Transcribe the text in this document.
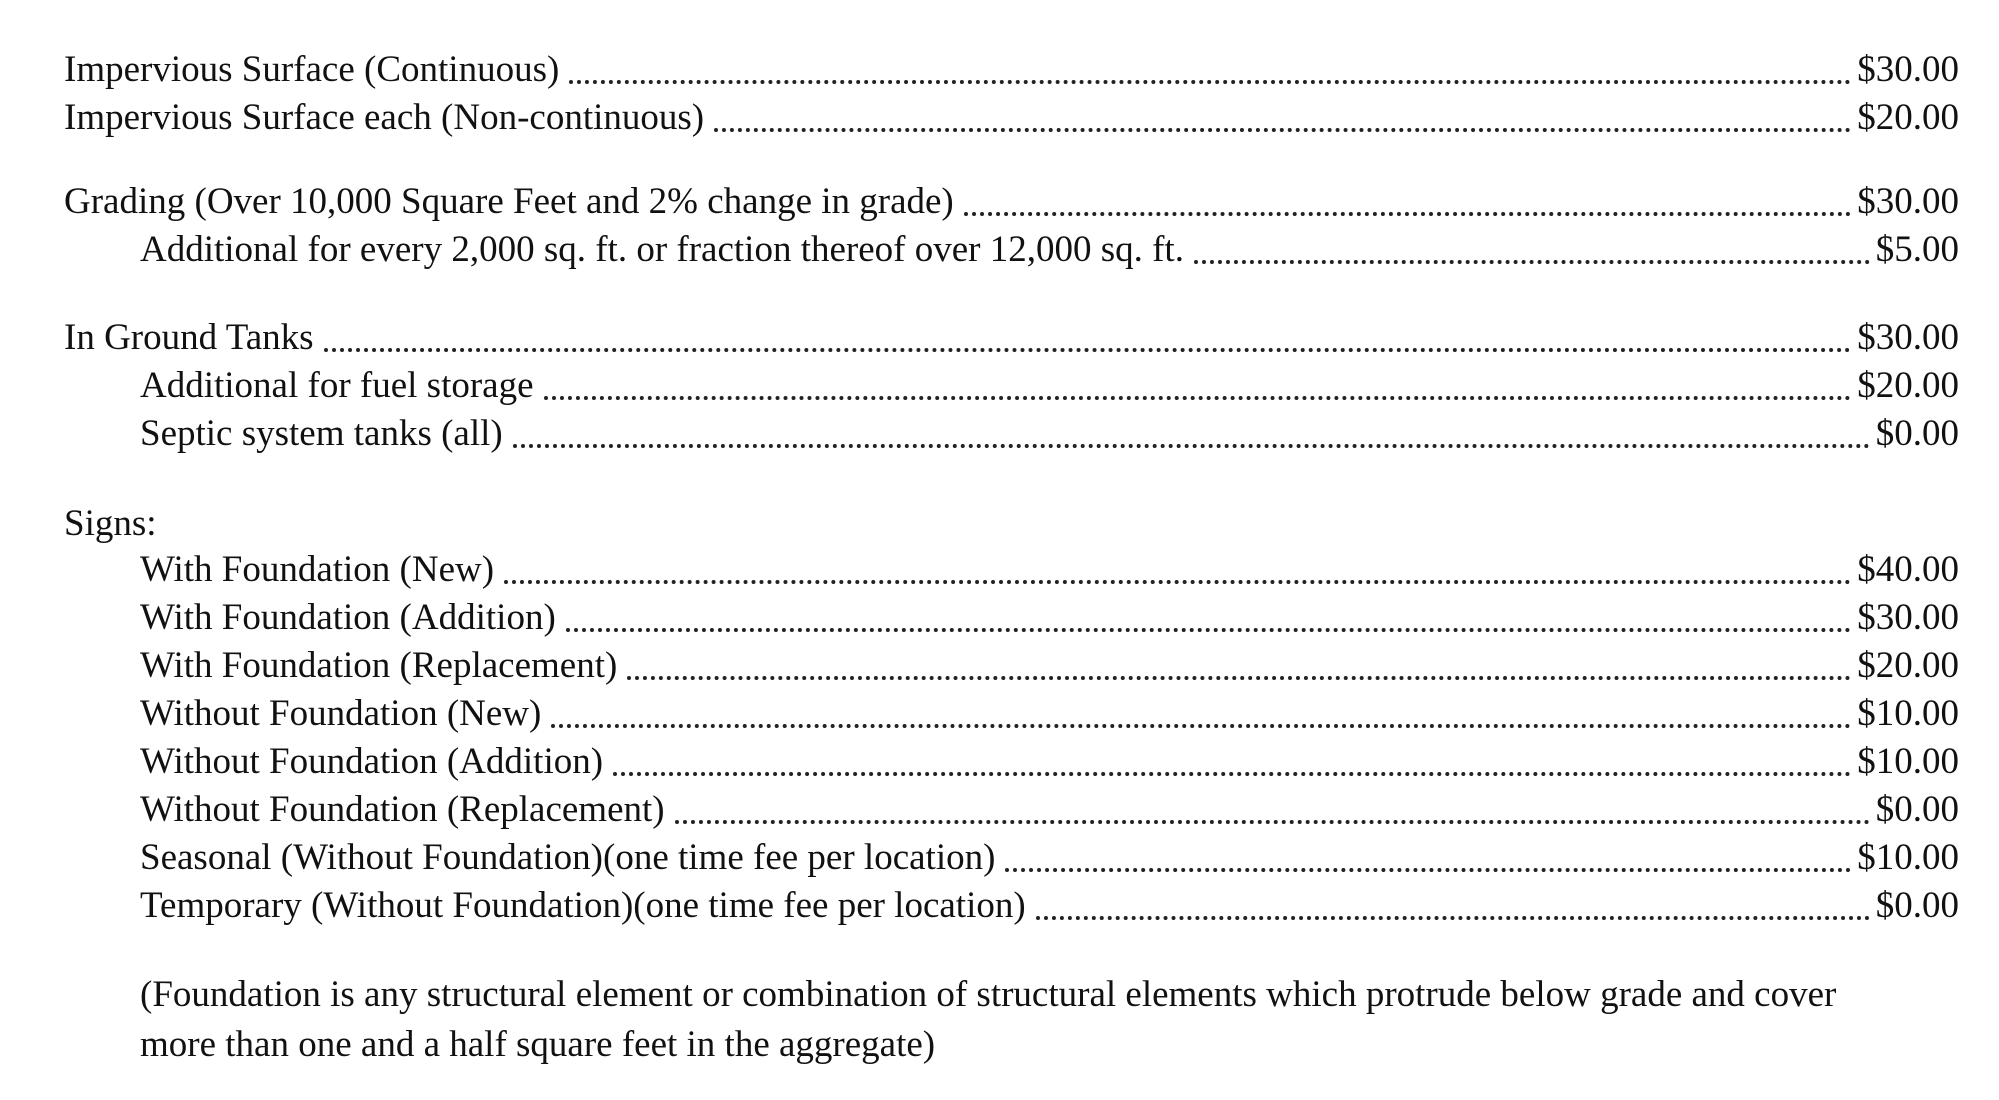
Impervious Surface (Continuous)	$30.00
Impervious Surface each (Non-continuous)	$20.00
Grading (Over 10,000 Square Feet and 2% change in grade)	$30.00
Additional for every 2,000 sq. ft. or fraction thereof over 12,000 sq. ft.	$5.00
In Ground Tanks	$30.00
Additional for fuel storage	$20.00
Septic system tanks (all)	$0.00
Signs:
With Foundation (New)	$40.00
With Foundation (Addition)	$30.00
With Foundation (Replacement)	$20.00
Without Foundation (New)	$10.00
Without Foundation (Addition)	$10.00
Without Foundation (Replacement)	$0.00
Seasonal (Without Foundation)(one time fee per location)	$10.00
Temporary (Without Foundation)(one time fee per location)	$0.00
(Foundation is any structural element or combination of structural elements which protrude below grade and cover more than one and a half square feet in the aggregate)
